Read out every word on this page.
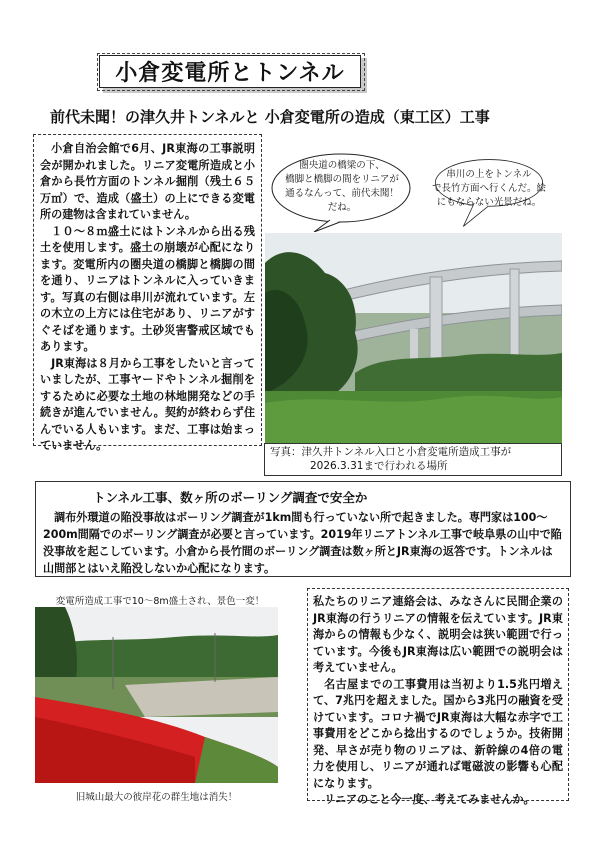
小倉変電所とトンネル
前代未聞！の津久井トンネルと 小倉変電所の造成（東工区）工事

小倉自治会館で6月、JR東海の工事説明会が開かれました。リニア変電所造成と小倉から長竹方面のトンネル掘削（残土６５万㎥）で、造成（盛土）の上にできる変電所の建物は含まれていません。

１０～８ｍ盛土にはトンネルから出る残土を使用します。盛土の崩壊が心配になります。変電所内の圏央道の橋脚と橋脚の間を通り、リニアはトンネルに入っていきます。写真の右側は串川が流れています。左の木立の上方には住宅があり、リニアがすぐそばを通ります。土砂災害警戒区域でもあります。

JR東海は８月から工事をしたいと言っていましたが、工事ヤードやトンネル掘削をするために必要な土地の林地開発などの手続きが進んでいません。契約が終わらず住んでいる人もいます。まだ、工事は始まっていません。

圏央道の橋梁の下、
橋脚と橋脚の間をリニアが
通るなんって、前代未聞！
だね。
串川の上をトンネル
で長竹方面へ行くんだ。絵
にもならない光景だね。
写真：津久井トンネル入口と小倉変電所造成工事が
2026.3.31まで行われる場所
トンネル工事、数ヶ所のボーリング調査で安全か

調布外環道の陥没事故はボーリング調査が1km間も行っていない所で起きました。専門家は100～200m間隔でのボーリング調査が必要と言っています。2019年リニアトンネル工事で岐阜県の山中で陥没事故を起こしています。小倉から長竹間のボーリング調査は数ヶ所とJR東海の返答です。トンネルは山間部とはいえ陥没しないか心配になります。

変電所造成工事で10～8m盛土され、景色一変！
旧城山最大の彼岸花の群生地は消失！

私たちのリニア連絡会は、みなさんに民間企業のJR東海の行うリニアの情報を伝えています。JR東海からの情報も少なく、説明会は狭い範囲で行っています。今後もJR東海は広い範囲での説明会は考えていません。

名古屋までの工事費用は当初より1.5兆円増えて、7兆円を超えました。国から3兆円の融資を受けています。コロナ禍でJR東海は大幅な赤字で工事費用をどこから捻出するのでしょうか。技術開発、早さが売り物のリニアは、新幹線の4倍の電力を使用し、リニアが通れば電磁波の影響も心配になります。

リニアのこと今一度、考えてみませんか。
